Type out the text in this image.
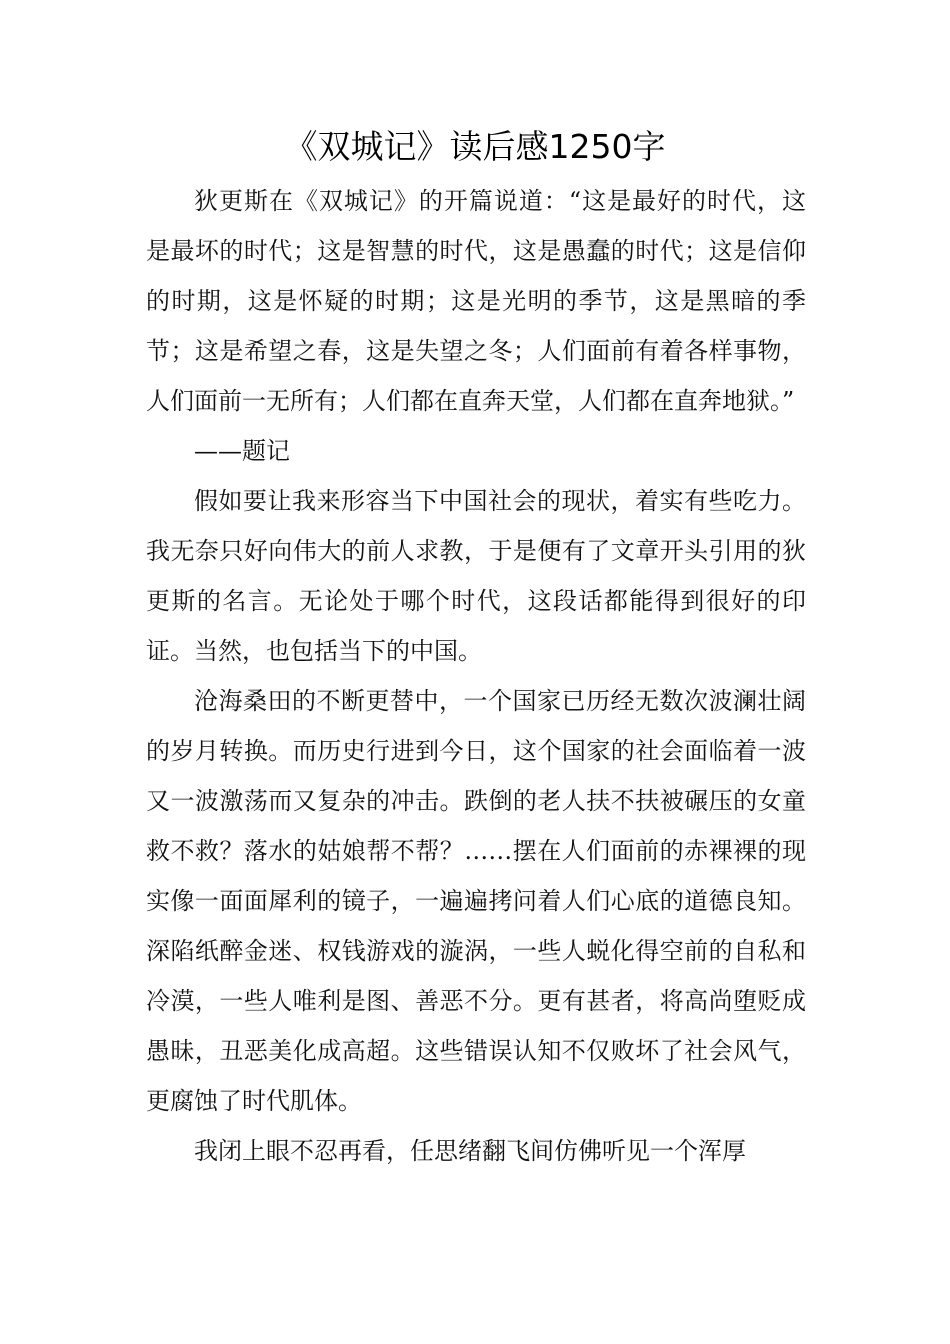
《双城记》读后感1250字

狄更斯在《双城记》的开篇说道：“这是最好的时代，这是最坏的时代；这是智慧的时代，这是愚蠢的时代；这是信仰的时期，这是怀疑的时期；这是光明的季节，这是黑暗的季节；这是希望之春，这是失望之冬；人们面前有着各样事物，人们面前一无所有；人们都在直奔天堂，人们都在直奔地狱。”

——题记

假如要让我来形容当下中国社会的现状，着实有些吃力。我无奈只好向伟大的前人求教，于是便有了文章开头引用的狄更斯的名言。无论处于哪个时代，这段话都能得到很好的印证。当然，也包括当下的中国。

沧海桑田的不断更替中，一个国家已历经无数次波澜壮阔的岁月转换。而历史行进到今日，这个国家的社会面临着一波又一波激荡而又复杂的冲击。跌倒的老人扶不扶被碾压的女童救不救？落水的姑娘帮不帮？……摆在人们面前的赤裸裸的现实像一面面犀利的镜子，一遍遍拷问着人们心底的道德良知。深陷纸醉金迷、权钱游戏的漩涡，一些人蜕化得空前的自私和冷漠，一些人唯利是图、善恶不分。更有甚者，将高尚堕贬成愚昧，丑恶美化成高超。这些错误认知不仅败坏了社会风气，更腐蚀了时代肌体。

我闭上眼不忍再看，任思绪翻飞间仿佛听见一个浑厚
